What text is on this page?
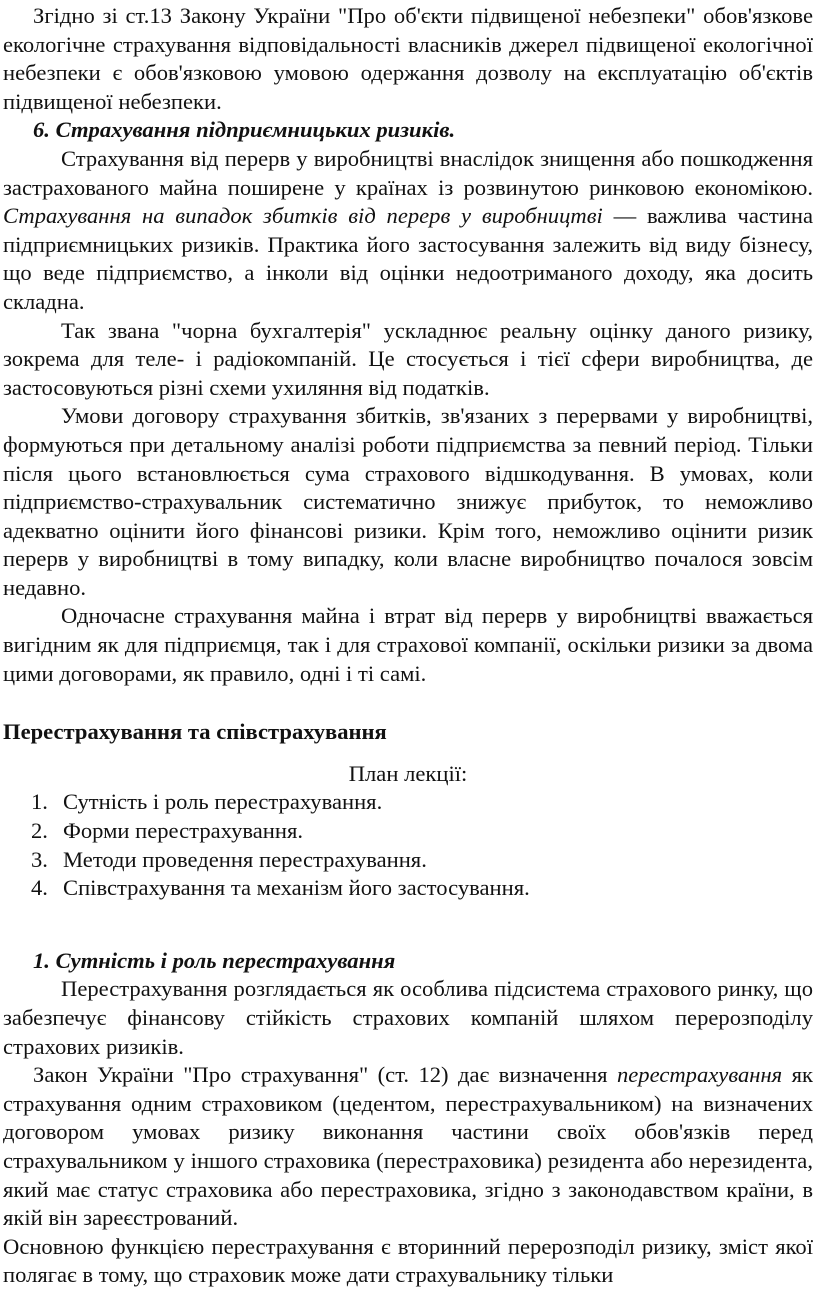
Згідно зі ст.13 Закону України "Про об'єкти підвищеної небезпеки" обов'язкове екологічне страхування відповідальності власників джерел підвищеної екологічної небезпеки є обов'язковою умовою одержання дозволу на експлуатацію об'єктів підвищеної небезпеки.

6. Страхування підприємницьких ризиків.

Страхування від перерв у виробництві внаслідок знищення або пошкодження застрахованого майна поширене у країнах із розвинутою ринковою економікою. Страхування на випадок збитків від перерв у виробництві — важлива частина підприємницьких ризиків. Практика його застосування залежить від виду бізнесу, що веде підприємство, а інколи від оцінки недоотриманого доходу, яка досить складна.

Так звана "чорна бухгалтерія" ускладнює реальну оцінку даного ризику, зокрема для теле- і радіокомпаній. Це стосується і тієї сфери виробництва, де застосовуються різні схеми ухиляння від податків.

Умови договору страхування збитків, зв'язаних з перервами у виробництві, формуються при детальному аналізі роботи підприємства за певний період. Тільки після цього встановлюється сума страхового відшкодування. В умовах, коли підприємство-страхувальник систематично знижує прибуток, то неможливо адекватно оцінити його фінансові ризики. Крім того, неможливо оцінити ризик перерв у виробництві в тому випадку, коли власне виробництво почалося зовсім недавно.

Одночасне страхування майна і втрат від перерв у виробництві вважається вигідним як для підприємця, так і для страхової компанії, оскільки ризики за двома цими договорами, як правило, одні і ті самі.

Перестрахування та співстрахування

План лекції:

1. Сутність і роль перестрахування.
2. Форми перестрахування.
3. Методи проведення перестрахування.
4. Співстрахування та механізм його застосування.

1. Сутність і роль перестрахування

Перестрахування розглядається як особлива підсистема страхового ринку, що забезпечує фінансову стійкість страхових компаній шляхом перерозподілу страхових ризиків.

Закон України "Про страхування" (ст. 12) дає визначення перестрахування як страхування одним страховиком (цедентом, перестрахувальником) на визначених договором умовах ризику виконання частини своїх обов'язків перед страхувальником у іншого страховика (перестраховика) резидента або нерезидента, який має статус страховика або перестраховика, згідно з законодавством країни, в якій він зареєстрований.

Основною функцією перестрахування є вторинний перерозподіл ризику, зміст якої полягає в тому, що страховик може дати страхувальнику тільки
